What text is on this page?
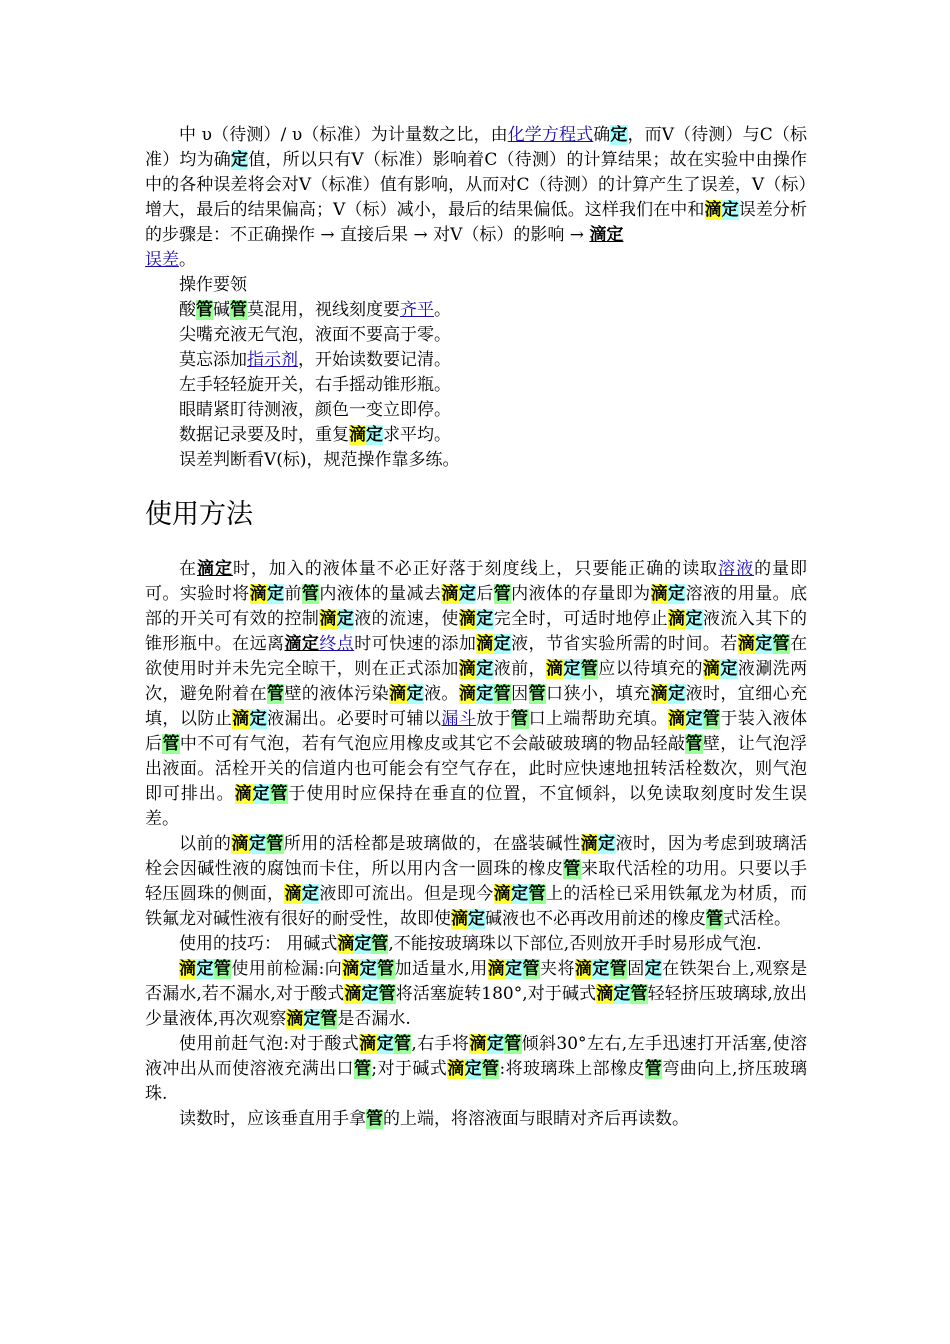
中 υ（待测）/ υ（标准）为计量数之比，由化学方程式确定，而V（待测）与C（标准）均为确定值，所以只有V（标准）影响着C（待测）的计算结果；故在实验中由操作中的各种误差将会对V（标准）值有影响，从而对C（待测）的计算产生了误差，V（标）增大，最后的结果偏高；V（标）减小，最后的结果偏低。这样我们在中和滴定误差分析的步骤是：不正确操作 → 直接后果 → 对V（标）的影响 → 滴定
误差。

操作要领

酸管碱管莫混用，视线刻度要齐平。

尖嘴充液无气泡，液面不要高于零。

莫忘添加指示剂，开始读数要记清。

左手轻轻旋开关，右手摇动锥形瓶。

眼睛紧盯待测液，颜色一变立即停。

数据记录要及时，重复滴定求平均。

误差判断看V(标)，规范操作靠多练。

使用方法

在滴定时，加入的液体量不必正好落于刻度线上，只要能正确的读取溶液的量即可。实验时将滴定前管内液体的量减去滴定后管内液体的存量即为滴定溶液的用量。底部的开关可有效的控制滴定液的流速，使滴定完全时，可适时地停止滴定液流入其下的锥形瓶中。在远离滴定终点时可快速的添加滴定液，节省实验所需的时间。若滴定管在欲使用时并未先完全晾干，则在正式添加滴定液前，滴定管应以待填充的滴定液涮洗两次，避免附着在管壁的液体污染滴定液。滴定管因管口狭小，填充滴定液时，宜细心充填，以防止滴定液漏出。必要时可辅以漏斗放于管口上端帮助充填。滴定管于装入液体后管中不可有气泡，若有气泡应用橡皮或其它不会敲破玻璃的物品轻敲管壁，让气泡浮出液面。活栓开关的信道内也可能会有空气存在，此时应快速地扭转活栓数次，则气泡即可排出。滴定管于使用时应保持在垂直的位置，不宜倾斜，以免读取刻度时发生误差。

以前的滴定管所用的活栓都是玻璃做的，在盛装碱性滴定液时，因为考虑到玻璃活栓会因碱性液的腐蚀而卡住，所以用内含一圆珠的橡皮管来取代活栓的功用。只要以手轻压圆珠的侧面，滴定液即可流出。但是现今滴定管上的活栓已采用铁氟龙为材质，而铁氟龙对碱性液有很好的耐受性，故即使滴定碱液也不必再改用前述的橡皮管式活栓。

使用的技巧： 用碱式滴定管,不能按玻璃珠以下部位,否则放开手时易形成气泡.

滴定管使用前检漏:向滴定管加适量水,用滴定管夹将滴定管固定在铁架台上,观察是否漏水,若不漏水,对于酸式滴定管将活塞旋转180°,对于碱式滴定管轻轻挤压玻璃球,放出少量液体,再次观察滴定管是否漏水.

使用前赶气泡:对于酸式滴定管,右手将滴定管倾斜30°左右,左手迅速打开活塞,使溶液冲出从而使溶液充满出口管;对于碱式滴定管:将玻璃珠上部橡皮管弯曲向上,挤压玻璃珠.

读数时，应该垂直用手拿管的上端，将溶液面与眼睛对齐后再读数。
